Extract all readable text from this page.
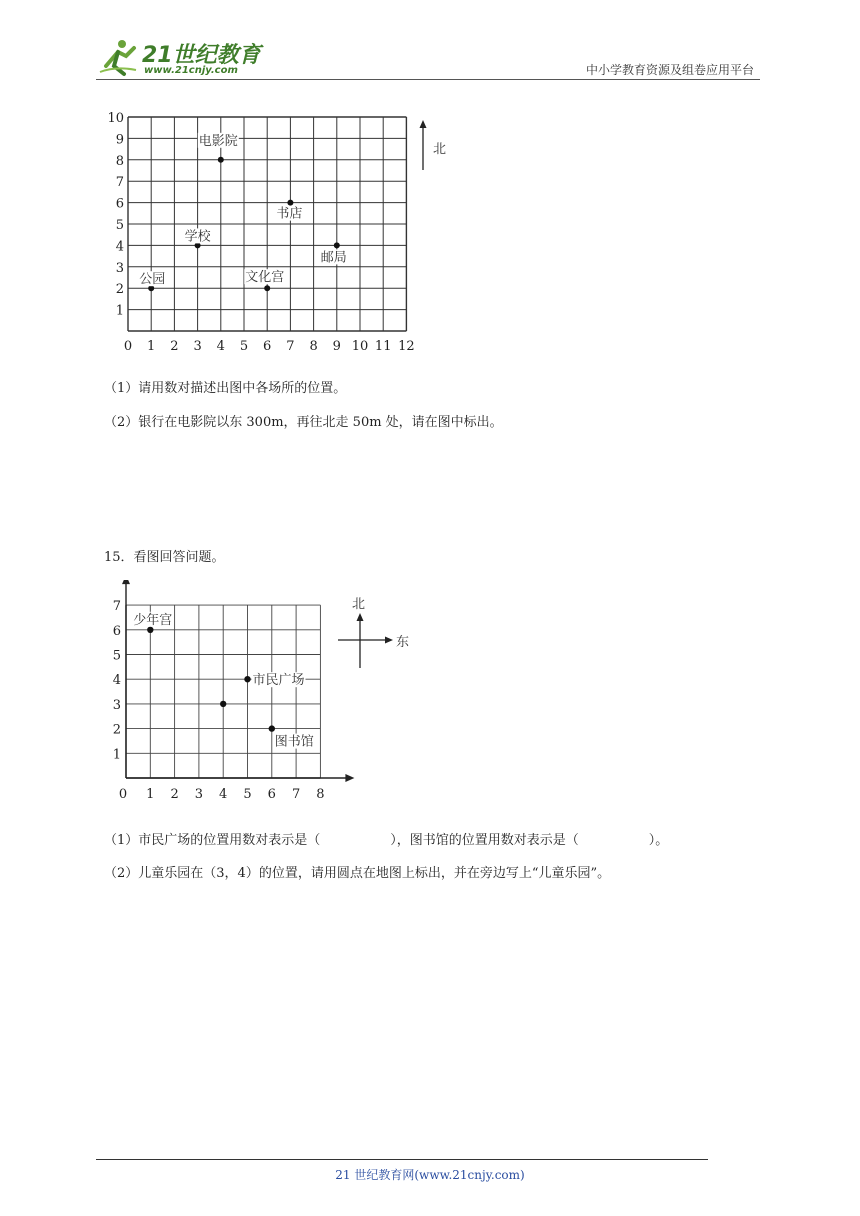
21世纪教育
www.21cnjy.com	中小学教育资源及组卷应用平台
0 1 2 3 4 5 6 7 8 9 10 11 12
1
2
3
4
5
6
7
8
9
10
电影院
书店
学校
邮局
公园	文化宫
北
（1）请用数对描述出图中各场所的位置。
（2）银行在电影院以东 300m，再往北走 50m 处，请在图中标出。
15．看图回答问题。
0 1 2 3 4 5 6 7 8
1
2
3
4
5
6
7
少年宫
市民广场
图书馆
北
东
（1）市民广场的位置用数对表示是（	），图书馆的位置用数对表示是（	）。
（2）儿童乐园在（3，4）的位置，请用圆点在地图上标出，并在旁边写上“儿童乐园”。
21 世纪教育网(www.21cnjy.com)
